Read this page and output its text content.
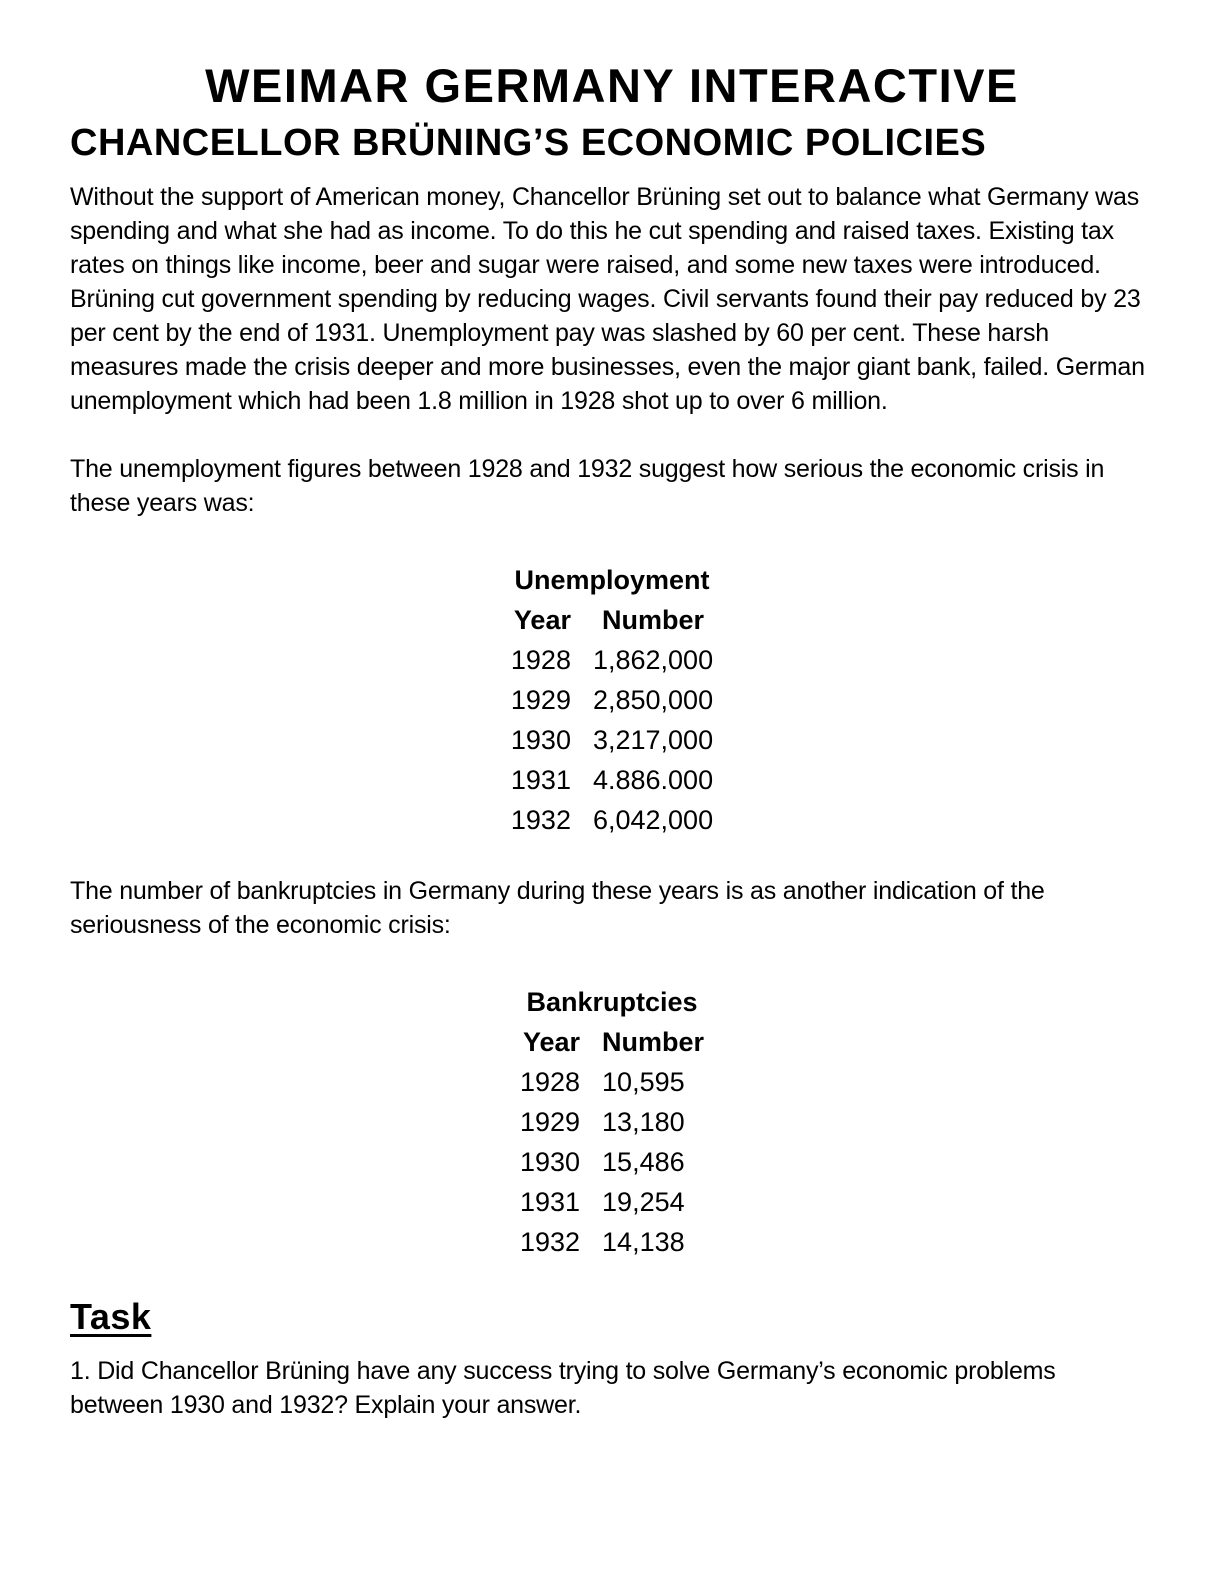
WEIMAR GERMANY INTERACTIVE
CHANCELLOR BRÜNING’S ECONOMIC POLICIES

Without the support of American money, Chancellor Brüning set out to balance what Germany was spending and what she had as income. To do this he cut spending and raised taxes. Existing tax rates on things like income, beer and sugar were raised, and some new taxes were introduced. Brüning cut government spending by reducing wages. Civil servants found their pay reduced by 23 per cent by the end of 1931. Unemployment pay was slashed by 60 per cent. These harsh measures made the crisis deeper and more businesses, even the major giant bank, failed. German unemployment which had been 1.8 million in 1928 shot up to over 6 million.

The unemployment figures between 1928 and 1932 suggest how serious the economic crisis in these years was:

Unemployment
Year	Number
1928	1,862,000
1929	2,850,000
1930	3,217,000
1931	4.886.000
1932	6,042,000

The number of bankruptcies in Germany during these years is as another indication of the seriousness of the economic crisis:

Bankruptcies
Year	Number
1928	10,595
1929	13,180
1930	15,486
1931	19,254
1932	14,138
Task

1. Did Chancellor Brüning have any success trying to solve Germany’s economic problems between 1930 and 1932? Explain your answer.
